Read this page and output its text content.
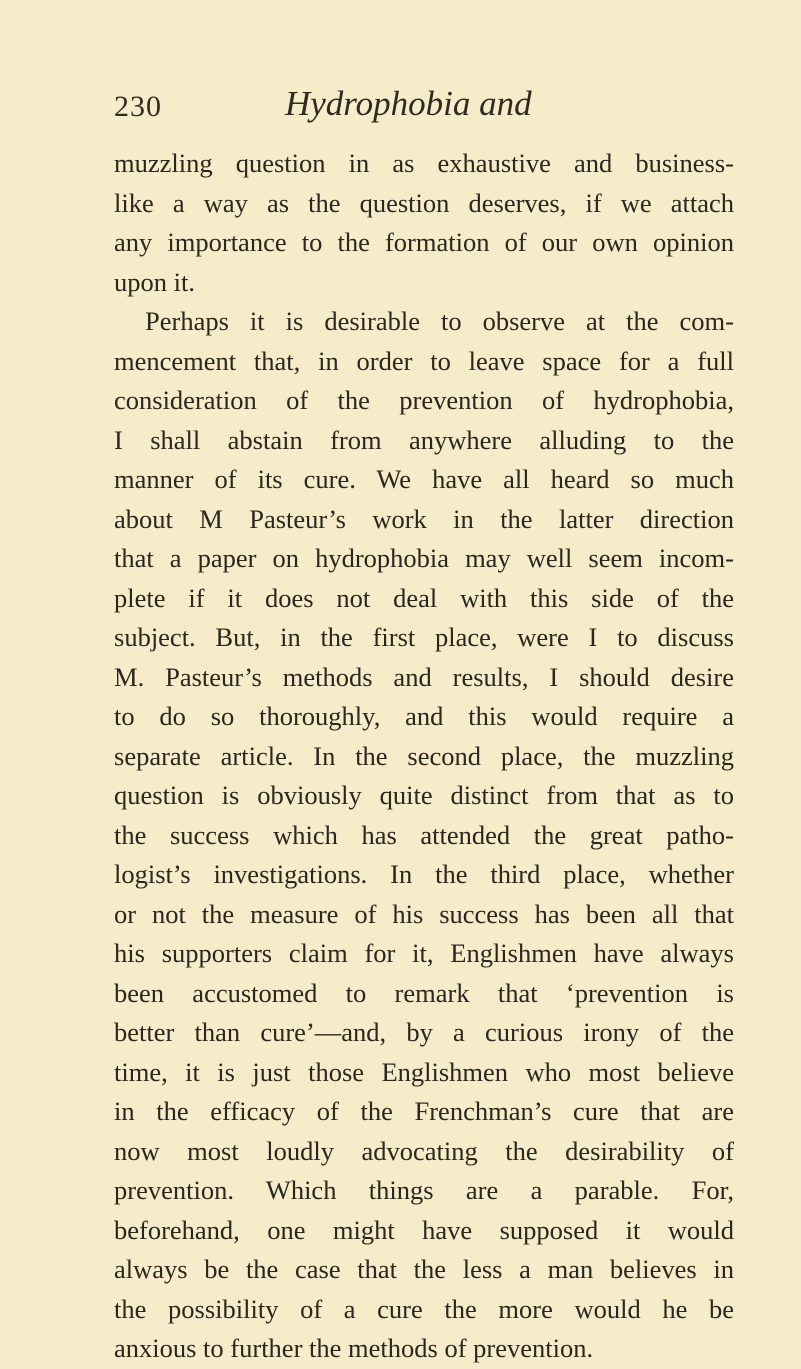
230	Hydrophobia and
muzzling question in as exhaustive and business-
like a way as the question deserves, if we attach
any importance to the formation of our own opinion
upon it.
Perhaps it is desirable to observe at the com-
mencement that, in order to leave space for a full
consideration of the prevention of hydrophobia,
I shall abstain from anywhere alluding to the
manner of its cure. We have all heard so much
about M Pasteur’s work in the latter direction
that a paper on hydrophobia may well seem incom-
plete if it does not deal with this side of the
subject. But, in the first place, were I to discuss
M. Pasteur’s methods and results, I should desire
to do so thoroughly, and this would require a
separate article. In the second place, the muzzling
question is obviously quite distinct from that as to
the success which has attended the great patho-
logist’s investigations. In the third place, whether
or not the measure of his success has been all that
his supporters claim for it, Englishmen have always
been accustomed to remark that ‘prevention is
better than cure’—and, by a curious irony of the
time, it is just those Englishmen who most believe
in the efficacy of the Frenchman’s cure that are
now most loudly advocating the desirability of
prevention. Which things are a parable. For,
beforehand, one might have supposed it would
always be the case that the less a man believes in
the possibility of a cure the more would he be
anxious to further the methods of prevention.
